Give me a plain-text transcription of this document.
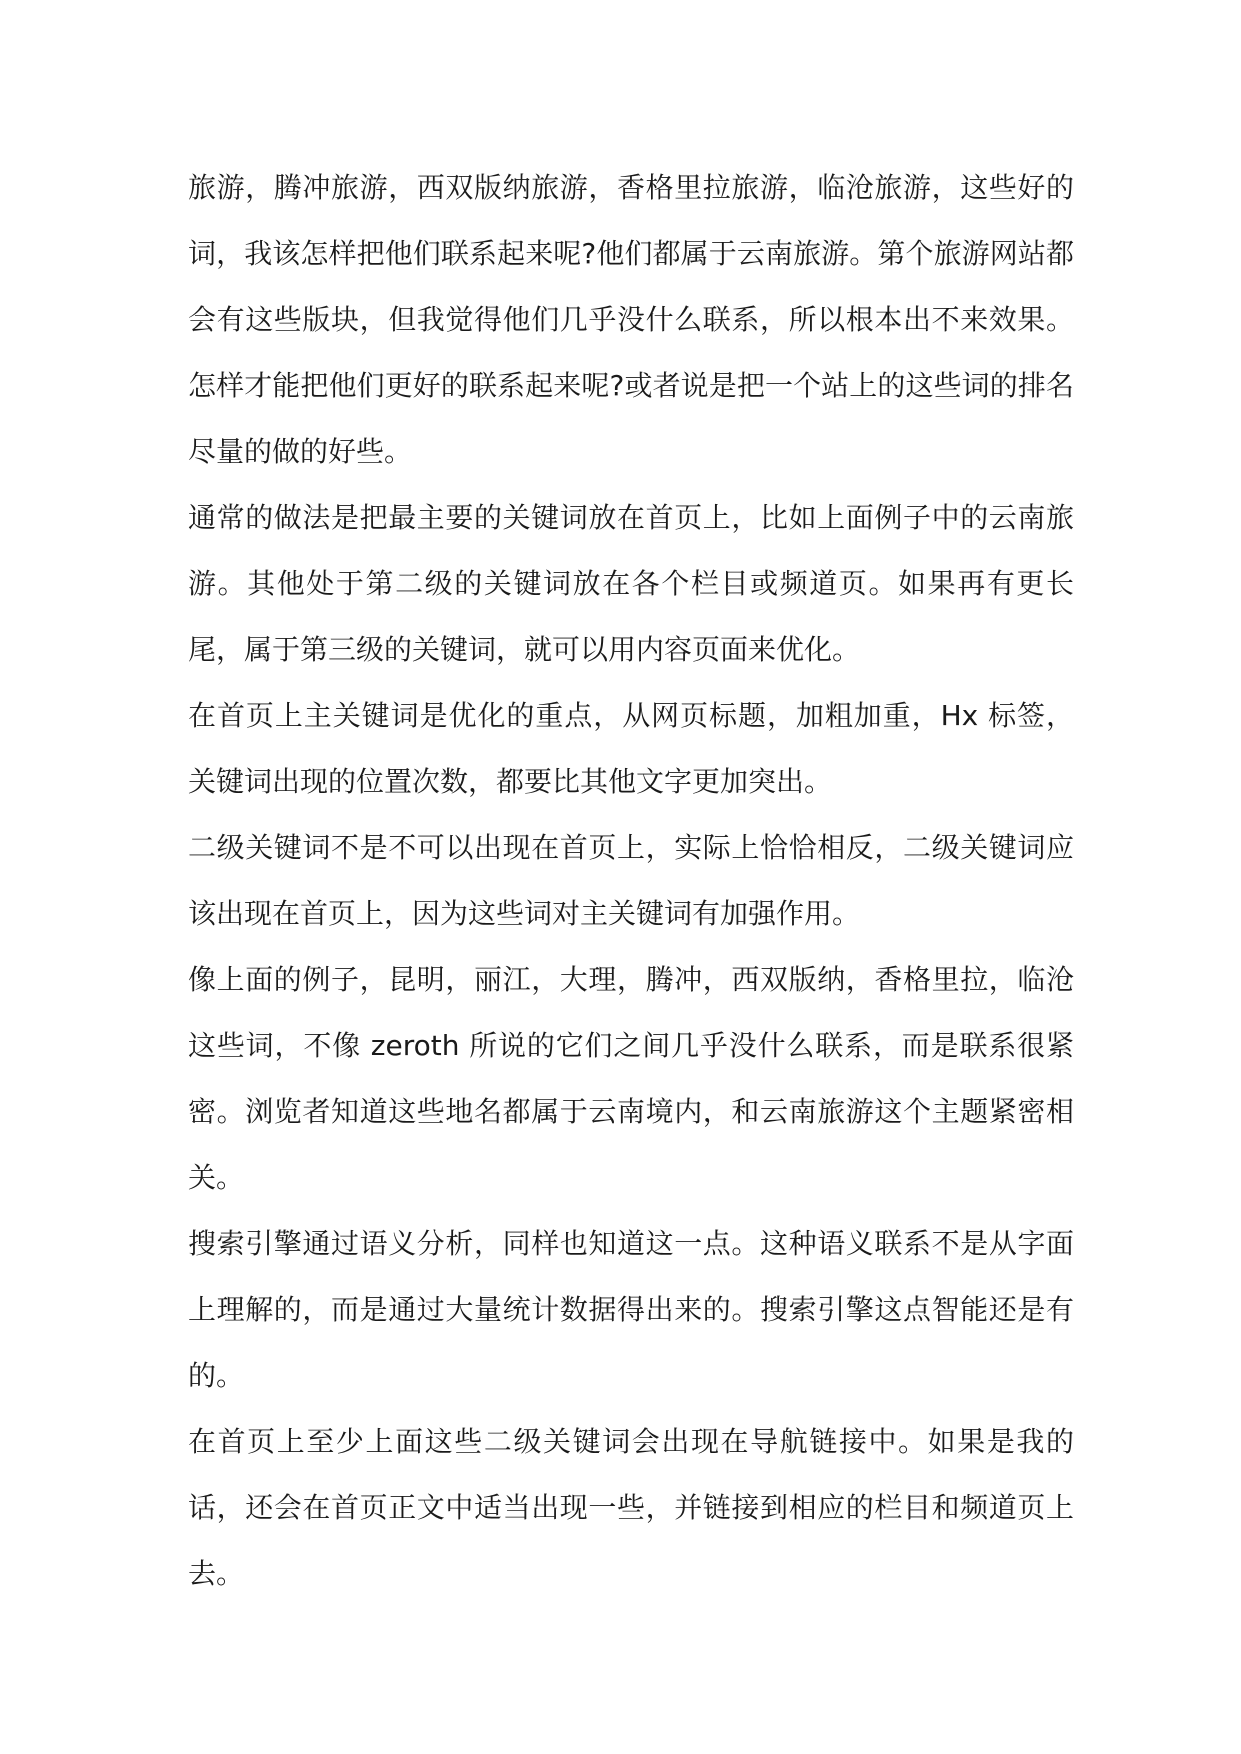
旅游，腾冲旅游，西双版纳旅游，香格里拉旅游，临沧旅游，这些好的词，我该怎样把他们联系起来呢?他们都属于云南旅游。第个旅游网站都会有这些版块，但我觉得他们几乎没什么联系，所以根本出不来效果。怎样才能把他们更好的联系起来呢?或者说是把一个站上的这些词的排名尽量的做的好些。

通常的做法是把最主要的关键词放在首页上，比如上面例子中的云南旅游。其他处于第二级的关键词放在各个栏目或频道页。如果再有更长尾，属于第三级的关键词，就可以用内容页面来优化。

在首页上主关键词是优化的重点，从网页标题，加粗加重，Hx 标签，关键词出现的位置次数，都要比其他文字更加突出。

二级关键词不是不可以出现在首页上，实际上恰恰相反，二级关键词应该出现在首页上，因为这些词对主关键词有加强作用。

像上面的例子，昆明，丽江，大理，腾冲，西双版纳，香格里拉，临沧这些词，不像 zeroth 所说的它们之间几乎没什么联系，而是联系很紧密。浏览者知道这些地名都属于云南境内，和云南旅游这个主题紧密相关。

搜索引擎通过语义分析，同样也知道这一点。这种语义联系不是从字面上理解的，而是通过大量统计数据得出来的。搜索引擎这点智能还是有的。

在首页上至少上面这些二级关键词会出现在导航链接中。如果是我的话，还会在首页正文中适当出现一些，并链接到相应的栏目和频道页上去。
